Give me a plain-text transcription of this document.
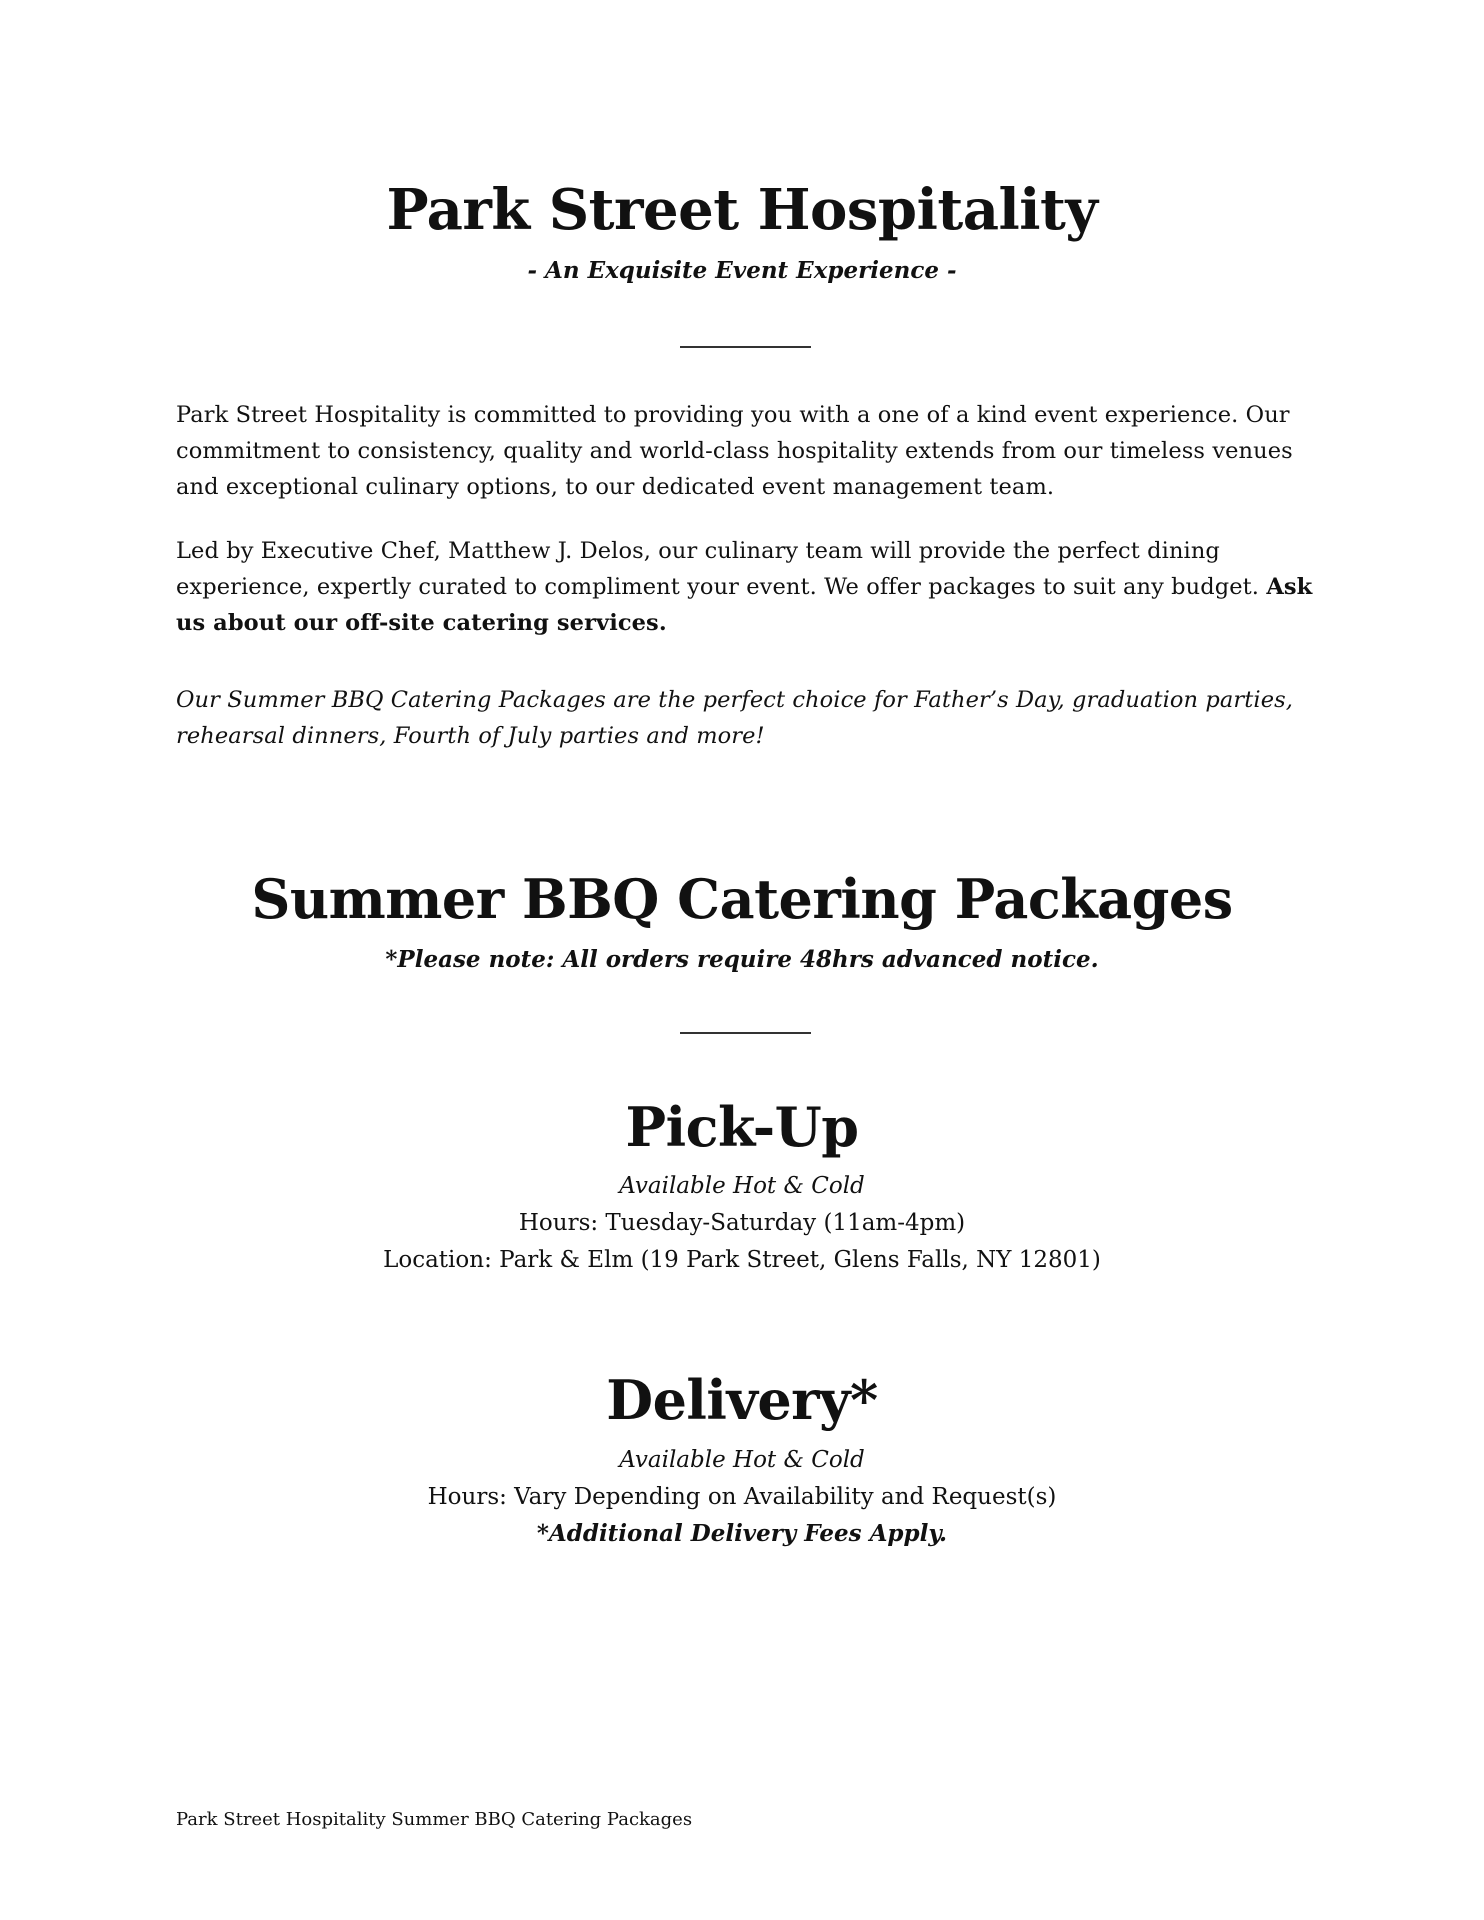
Park Street Hospitality

- An Exquisite Event Experience -

Park Street Hospitality is committed to providing you with a one of a kind event experience. Our commitment to consistency, quality and world-class hospitality extends from our timeless venues and exceptional culinary options, to our dedicated event management team.

Led by Executive Chef, Matthew J. Delos, our culinary team will provide the perfect dining experience, expertly curated to compliment your event. We offer packages to suit any budget. Ask us about our off-site catering services.

Our Summer BBQ Catering Packages are the perfect choice for Father’s Day, graduation parties, rehearsal dinners, Fourth of July parties and more!

Summer BBQ Catering Packages

*Please note: All orders require 48hrs advanced notice.

Pick-Up

Available Hot & Cold

Hours: Tuesday-Saturday (11am-4pm)

Location: Park & Elm (19 Park Street, Glens Falls, NY 12801)

Delivery*

Available Hot & Cold

Hours: Vary Depending on Availability and Request(s)

*Additional Delivery Fees Apply.

Park Street Hospitality Summer BBQ Catering Packages
